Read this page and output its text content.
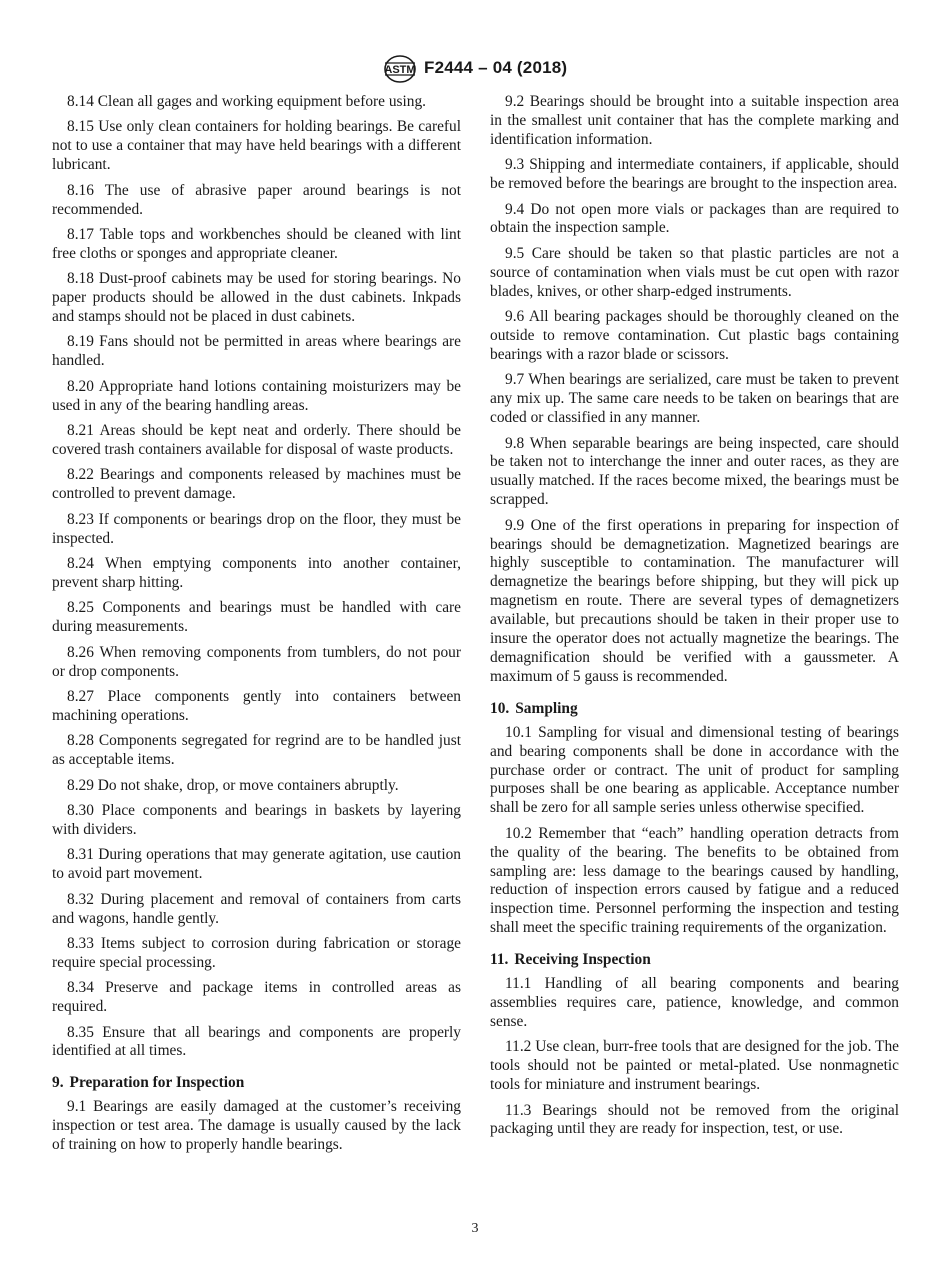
ASTM F2444 – 04 (2018)

8.14 Clean all gages and working equipment before using.

8.15 Use only clean containers for holding bearings. Be careful not to use a container that may have held bearings with a different lubricant.

8.16 The use of abrasive paper around bearings is not recommended.

8.17 Table tops and workbenches should be cleaned with lint free cloths or sponges and appropriate cleaner.

8.18 Dust-proof cabinets may be used for storing bearings. No paper products should be allowed in the dust cabinets. Inkpads and stamps should not be placed in dust cabinets.

8.19 Fans should not be permitted in areas where bearings are handled.

8.20 Appropriate hand lotions containing moisturizers may be used in any of the bearing handling areas.

8.21 Areas should be kept neat and orderly. There should be covered trash containers available for disposal of waste products.

8.22 Bearings and components released by machines must be controlled to prevent damage.

8.23 If components or bearings drop on the floor, they must be inspected.

8.24 When emptying components into another container, prevent sharp hitting.

8.25 Components and bearings must be handled with care during measurements.

8.26 When removing components from tumblers, do not pour or drop components.

8.27 Place components gently into containers between machining operations.

8.28 Components segregated for regrind are to be handled just as acceptable items.

8.29 Do not shake, drop, or move containers abruptly.

8.30 Place components and bearings in baskets by layering with dividers.

8.31 During operations that may generate agitation, use caution to avoid part movement.

8.32 During placement and removal of containers from carts and wagons, handle gently.

8.33 Items subject to corrosion during fabrication or storage require special processing.

8.34 Preserve and package items in controlled areas as required.

8.35 Ensure that all bearings and components are properly identified at all times.

9. Preparation for Inspection

9.1 Bearings are easily damaged at the customer’s receiving inspection or test area. The damage is usually caused by the lack of training on how to properly handle bearings.

9.2 Bearings should be brought into a suitable inspection area in the smallest unit container that has the complete marking and identification information.

9.3 Shipping and intermediate containers, if applicable, should be removed before the bearings are brought to the inspection area.

9.4 Do not open more vials or packages than are required to obtain the inspection sample.

9.5 Care should be taken so that plastic particles are not a source of contamination when vials must be cut open with razor blades, knives, or other sharp-edged instruments.

9.6 All bearing packages should be thoroughly cleaned on the outside to remove contamination. Cut plastic bags containing bearings with a razor blade or scissors.

9.7 When bearings are serialized, care must be taken to prevent any mix up. The same care needs to be taken on bearings that are coded or classified in any manner.

9.8 When separable bearings are being inspected, care should be taken not to interchange the inner and outer races, as they are usually matched. If the races become mixed, the bearings must be scrapped.

9.9 One of the first operations in preparing for inspection of bearings should be demagnetization. Magnetized bearings are highly susceptible to contamination. The manufacturer will demagnetize the bearings before shipping, but they will pick up magnetism en route. There are several types of demagnetizers available, but precautions should be taken in their proper use to insure the operator does not actually magnetize the bearings. The demagnification should be verified with a gaussmeter. A maximum of 5 gauss is recommended.

10. Sampling

10.1 Sampling for visual and dimensional testing of bearings and bearing components shall be done in accordance with the purchase order or contract. The unit of product for sampling purposes shall be one bearing as applicable. Acceptance number shall be zero for all sample series unless otherwise specified.

10.2 Remember that “each” handling operation detracts from the quality of the bearing. The benefits to be obtained from sampling are: less damage to the bearings caused by handling, reduction of inspection errors caused by fatigue and a reduced inspection time. Personnel performing the inspection and testing shall meet the specific training requirements of the organization.

11. Receiving Inspection

11.1 Handling of all bearing components and bearing assemblies requires care, patience, knowledge, and common sense.

11.2 Use clean, burr-free tools that are designed for the job. The tools should not be painted or metal-plated. Use nonmagnetic tools for miniature and instrument bearings.

11.3 Bearings should not be removed from the original packaging until they are ready for inspection, test, or use.

3
